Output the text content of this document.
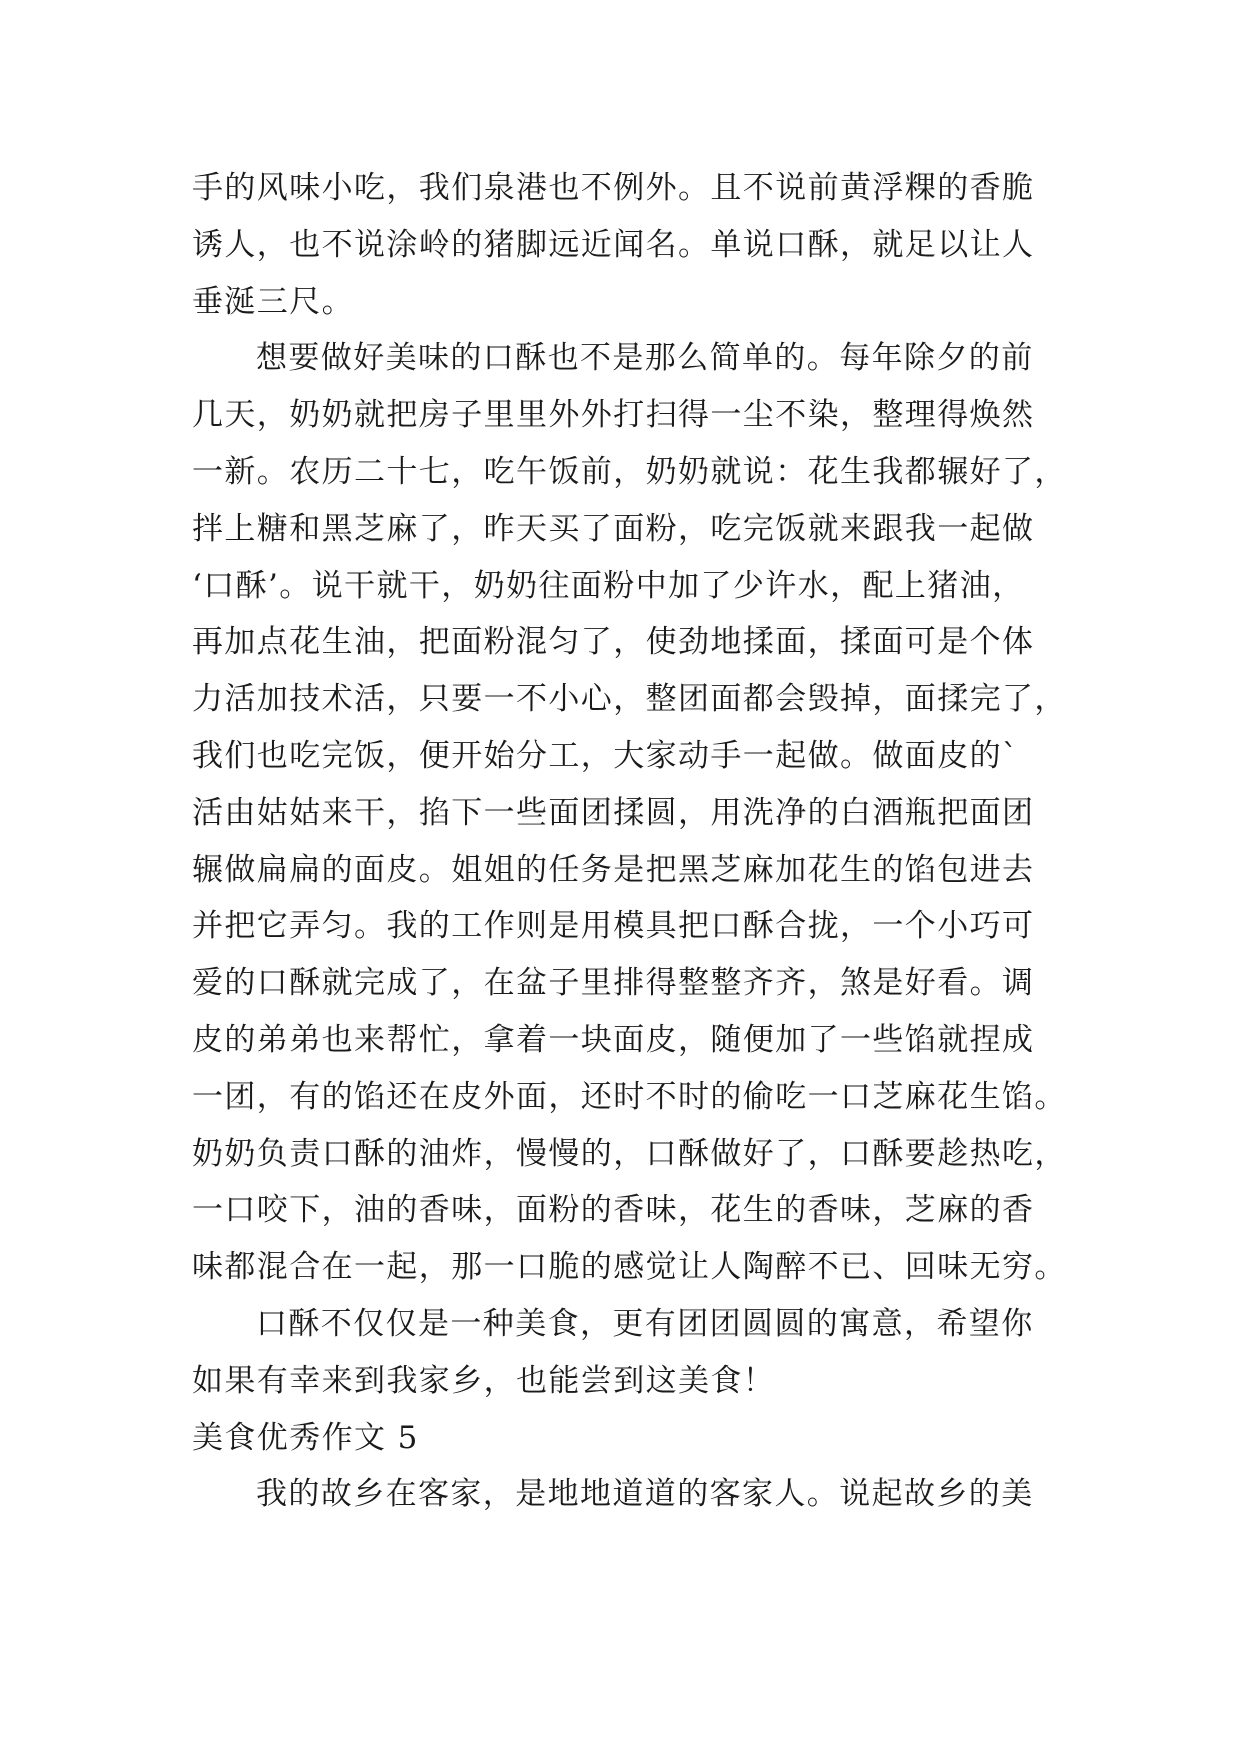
手的风味小吃，我们泉港也不例外。且不说前黄浮粿的香脆
诱人，也不说涂岭的猪脚远近闻名。单说口酥，就足以让人
垂涎三尺。
想要做好美味的口酥也不是那么简单的。每年除夕的前
几天，奶奶就把房子里里外外打扫得一尘不染，整理得焕然
一新。农历二十七，吃午饭前，奶奶就说：花生我都辗好了，
拌上糖和黑芝麻了，昨天买了面粉，吃完饭就来跟我一起做
‘口酥’。说干就干，奶奶往面粉中加了少许水，配上猪油，
再加点花生油，把面粉混匀了，使劲地揉面，揉面可是个体
力活加技术活，只要一不小心，整团面都会毁掉，面揉完了，
我们也吃完饭，便开始分工，大家动手一起做。做面皮的`
活由姑姑来干，掐下一些面团揉圆，用洗净的白酒瓶把面团
辗做扁扁的面皮。姐姐的任务是把黑芝麻加花生的馅包进去
并把它弄匀。我的工作则是用模具把口酥合拢，一个小巧可
爱的口酥就完成了，在盆子里排得整整齐齐，煞是好看。调
皮的弟弟也来帮忙，拿着一块面皮，随便加了一些馅就捏成
一团，有的馅还在皮外面，还时不时的偷吃一口芝麻花生馅。
奶奶负责口酥的油炸，慢慢的，口酥做好了，口酥要趁热吃，
一口咬下，油的香味，面粉的香味，花生的香味，芝麻的香
味都混合在一起，那一口脆的感觉让人陶醉不已、回味无穷。
口酥不仅仅是一种美食，更有团团圆圆的寓意，希望你
如果有幸来到我家乡，也能尝到这美食！
美食优秀作文 5
我的故乡在客家，是地地道道的客家人。说起故乡的美
